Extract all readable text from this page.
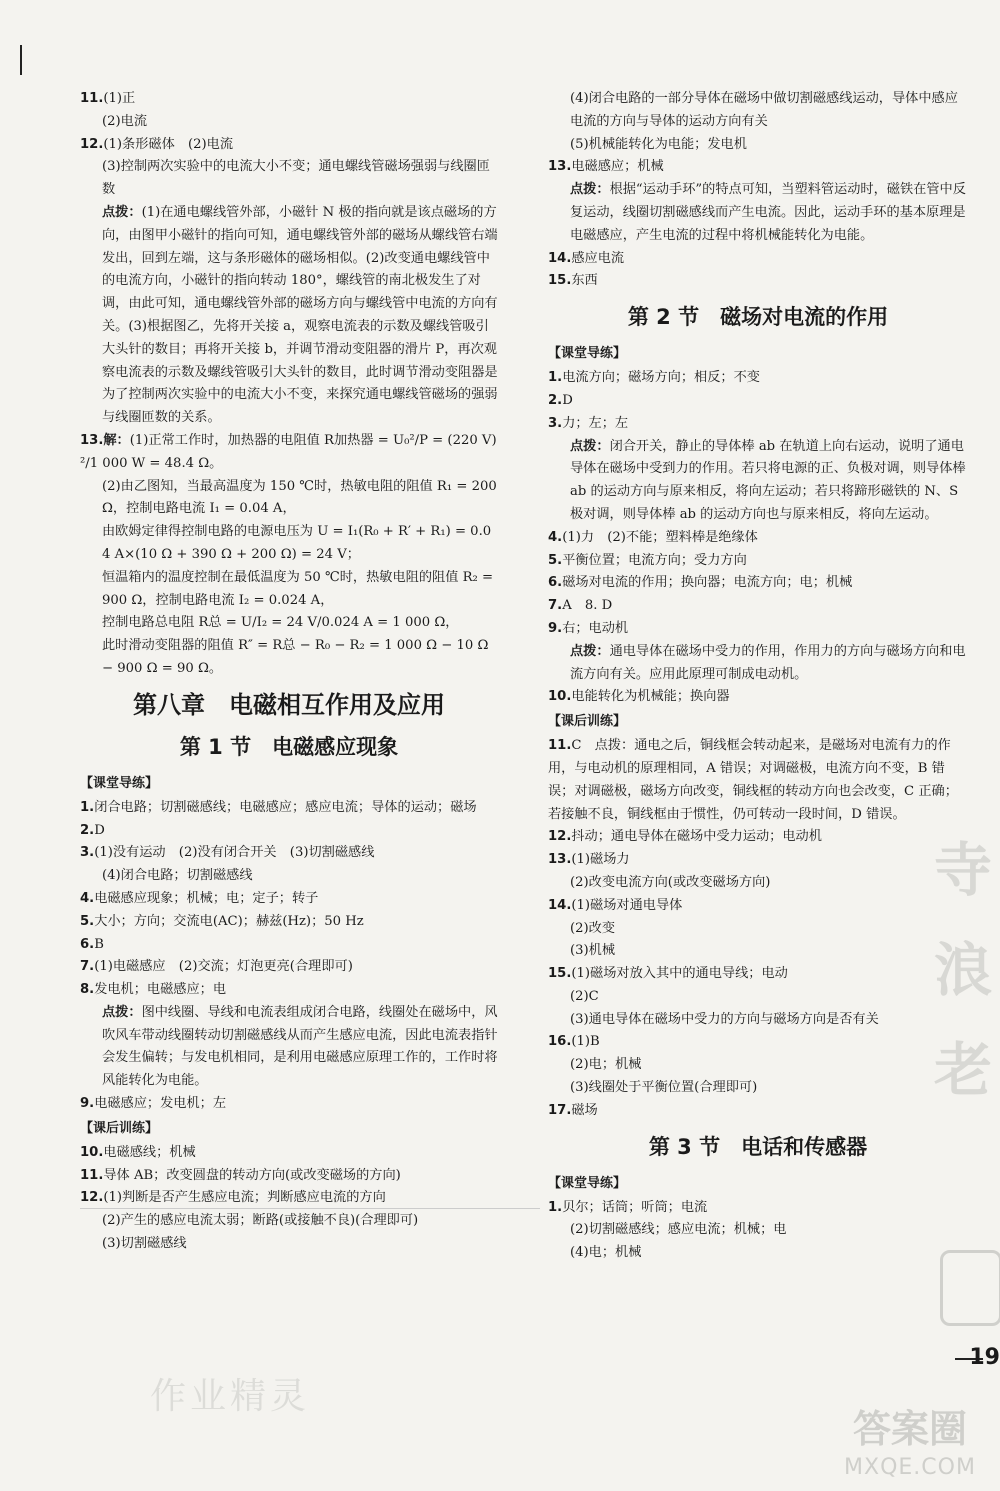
11.(1)正

(2)电流

12.(1)条形磁体　(2)电流

(3)控制两次实验中的电流大小不变；通电螺线管磁场强弱与线圈匝数

点拨：(1)在通电螺线管外部，小磁针 N 极的指向就是该点磁场的方向，由图甲小磁针的指向可知，通电螺线管外部的磁场从螺线管右端发出，回到左端，这与条形磁体的磁场相似。(2)改变通电螺线管中的电流方向，小磁针的指向转动 180°，螺线管的南北极发生了对调，由此可知，通电螺线管外部的磁场方向与螺线管中电流的方向有关。(3)根据图乙，先将开关接 a，观察电流表的示数及螺线管吸引大头针的数目；再将开关接 b，并调节滑动变阻器的滑片 P，再次观察电流表的示数及螺线管吸引大头针的数目，此时调节滑动变阻器是为了控制两次实验中的电流大小不变，来探究通电螺线管磁场的强弱与线圈匝数的关系。

13.解：(1)正常工作时，加热器的电阻值 R加热器 = U₀²/P = (220 V)²/1 000 W = 48.4 Ω。

(2)由乙图知，当最高温度为 150 ℃时，热敏电阻的阻值 R₁ = 200 Ω，控制电路电流 I₁ = 0.04 A，

由欧姆定律得控制电路的电源电压为 U = I₁(R₀ + R′ + R₁) = 0.04 A×(10 Ω + 390 Ω + 200 Ω) = 24 V；

恒温箱内的温度控制在最低温度为 50 ℃时，热敏电阻的阻值 R₂ = 900 Ω，控制电路电流 I₂ = 0.024 A，

控制电路总电阻 R总 = U/I₂ = 24 V/0.024 A = 1 000 Ω，

此时滑动变阻器的阻值 R″ = R总 − R₀ − R₂ = 1 000 Ω − 10 Ω − 900 Ω = 90 Ω。

第八章　电磁相互作用及应用
第 1 节　电磁感应现象
【课堂导练】

1.闭合电路；切割磁感线；电磁感应；感应电流；导体的运动；磁场

2.D

3.(1)没有运动　(2)没有闭合开关　(3)切割磁感线

(4)闭合电路；切割磁感线

4.电磁感应现象；机械；电；定子；转子

5.大小；方向；交流电(AC)；赫兹(Hz)；50 Hz

6.B

7.(1)电磁感应　(2)交流；灯泡更亮(合理即可)

8.发电机；电磁感应；电

点拨：图中线圈、导线和电流表组成闭合电路，线圈处在磁场中，风吹风车带动线圈转动切割磁感线从而产生感应电流，因此电流表指针会发生偏转；与发电机相同，是利用电磁感应原理工作的，工作时将风能转化为电能。

9.电磁感应；发电机；左

【课后训练】

10.电磁感线；机械

11.导体 AB；改变圆盘的转动方向(或改变磁场的方向)

12.(1)判断是否产生感应电流；判断感应电流的方向

(2)产生的感应电流太弱；断路(或接触不良)(合理即可)

(3)切割磁感线

(4)闭合电路的一部分导体在磁场中做切割磁感线运动，导体中感应电流的方向与导体的运动方向有关

(5)机械能转化为电能；发电机

13.电磁感应；机械

点拨：根据“运动手环”的特点可知，当塑料管运动时，磁铁在管中反复运动，线圈切割磁感线而产生电流。因此，运动手环的基本原理是电磁感应，产生电流的过程中将机械能转化为电能。

14.感应电流

15.东西

第 2 节　磁场对电流的作用
【课堂导练】

1.电流方向；磁场方向；相反；不变

2.D

3.力；左；左

点拨：闭合开关，静止的导体棒 ab 在轨道上向右运动，说明了通电导体在磁场中受到力的作用。若只将电源的正、负极对调，则导体棒 ab 的运动方向与原来相反，将向左运动；若只将蹄形磁铁的 N、S 极对调，则导体棒 ab 的运动方向也与原来相反，将向左运动。

4.(1)力　(2)不能；塑料棒是绝缘体

5.平衡位置；电流方向；受力方向

6.磁场对电流的作用；换向器；电流方向；电；机械

7.A　8. D

9.右；电动机

点拨：通电导体在磁场中受力的作用，作用力的方向与磁场方向和电流方向有关。应用此原理可制成电动机。

10.电能转化为机械能；换向器

【课后训练】

11.C　点拨：通电之后，铜线框会转动起来，是磁场对电流有力的作用，与电动机的原理相同，A 错误；对调磁极，电流方向不变，B 错误；对调磁极，磁场方向改变，铜线框的转动方向也会改变，C 正确；若接触不良，铜线框由于惯性，仍可转动一段时间，D 错误。

12.抖动；通电导体在磁场中受力运动；电动机

13.(1)磁场力

(2)改变电流方向(或改变磁场方向)

14.(1)磁场对通电导体

(2)改变

(3)机械

15.(1)磁场对放入其中的通电导线；电动

(2)C

(3)通电导体在磁场中受力的方向与磁场方向是否有关

16.(1)B

(2)电；机械

(3)线圈处于平衡位置(合理即可)

17.磁场

第 3 节　电话和传感器
【课堂导练】

1.贝尔；话筒；听筒；电流

(2)切割磁感线；感应电流；机械；电

(4)电；机械

寺浪老
19
作业精灵
答案圈
MXQE.COM
